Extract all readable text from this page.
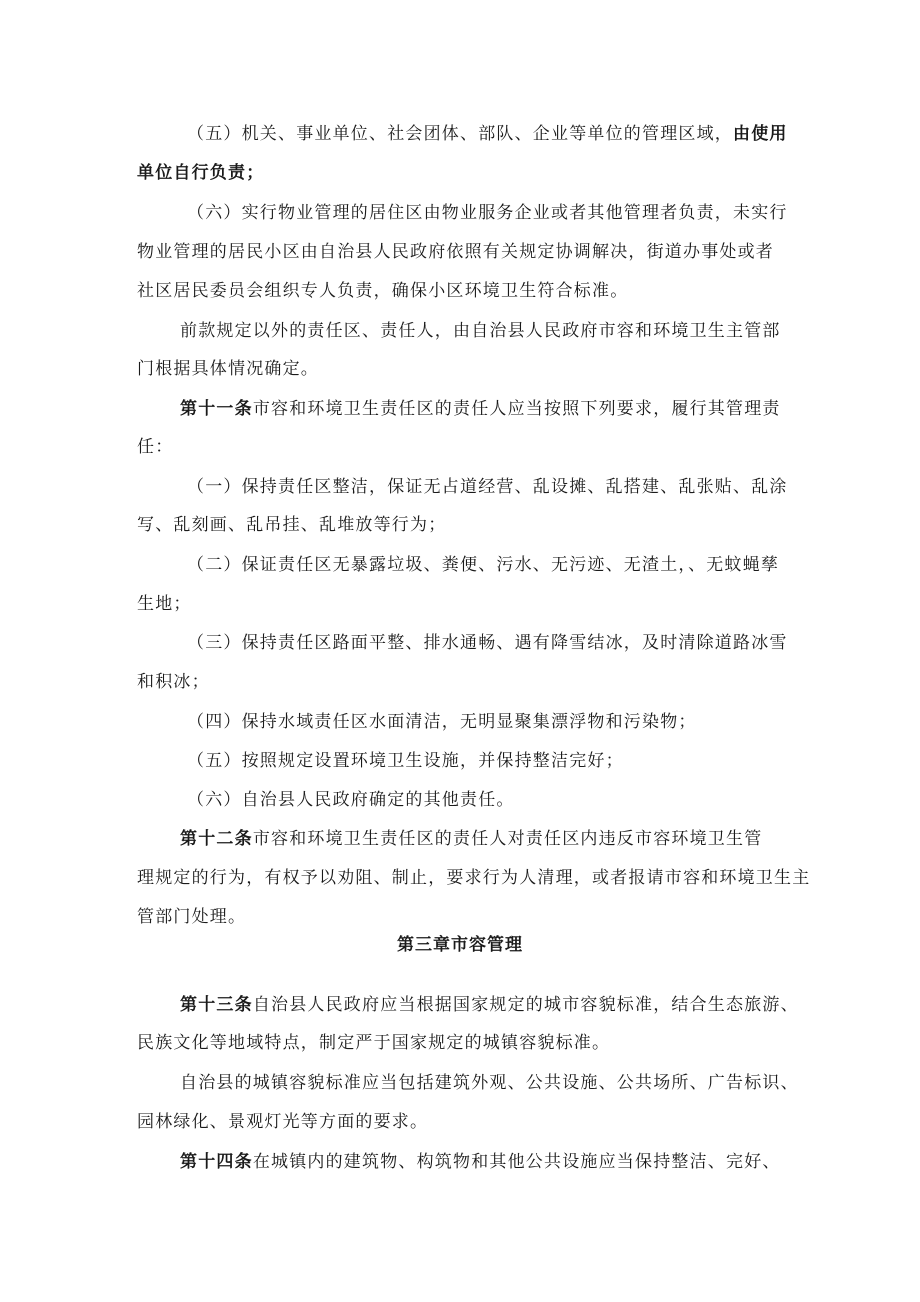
（五）机关、事业单位、社会团体、部队、企业等单位的管理区域，由使用
单位自行负责；
（六）实行物业管理的居住区由物业服务企业或者其他管理者负责，未实行
物业管理的居民小区由自治县人民政府依照有关规定协调解决，街道办事处或者
社区居民委员会组织专人负责，确保小区环境卫生符合标准。
前款规定以外的责任区、责任人，由自治县人民政府市容和环境卫生主管部
门根据具体情况确定。
第十一条市容和环境卫生责任区的责任人应当按照下列要求，履行其管理责
任：
（一）保持责任区整洁，保证无占道经营、乱设摊、乱搭建、乱张贴、乱涂
写、乱刻画、乱吊挂、乱堆放等行为；
（二）保证责任区无暴露垃圾、粪便、污水、无污迹、无渣土，、无蚊蝇孳
生地；
（三）保持责任区路面平整、排水通畅、遇有降雪结冰，及时清除道路冰雪
和积冰；
（四）保持水域责任区水面清洁，无明显聚集漂浮物和污染物；
（五）按照规定设置环境卫生设施，并保持整洁完好；
（六）自治县人民政府确定的其他责任。
第十二条市容和环境卫生责任区的责任人对责任区内违反市容环境卫生管
理规定的行为，有权予以劝阻、制止，要求行为人清理，或者报请市容和环境卫生主
管部门处理。
第三章市容管理
第十三条自治县人民政府应当根据国家规定的城市容貌标准，结合生态旅游、
民族文化等地域特点，制定严于国家规定的城镇容貌标准。
自治县的城镇容貌标准应当包括建筑外观、公共设施、公共场所、广告标识、
园林绿化、景观灯光等方面的要求。
第十四条在城镇内的建筑物、构筑物和其他公共设施应当保持整洁、完好、
